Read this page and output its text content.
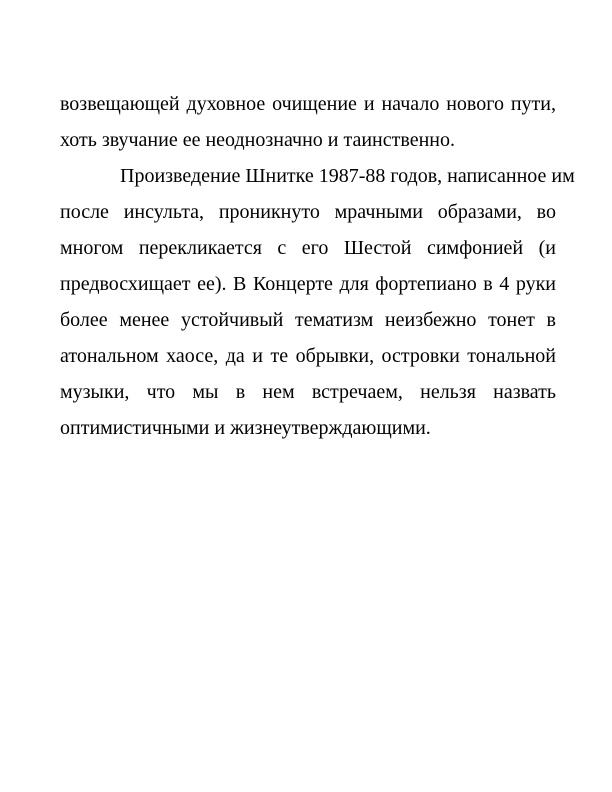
возвещающей духовное очищение и начало нового пути,
хоть звучание ее неоднозначно и таинственно.
Произведение Шнитке 1987-88 годов, написанное им
после инсульта, проникнуто мрачными образами, во
многом перекликается с его Шестой симфонией (и
предвосхищает ее). В Концерте для фортепиано в 4 руки
более менее устойчивый тематизм неизбежно тонет в
атональном хаосе, да и те обрывки, островки тональной
музыки, что мы в нем встречаем, нельзя назвать
оптимистичными и жизнеутверждающими.
